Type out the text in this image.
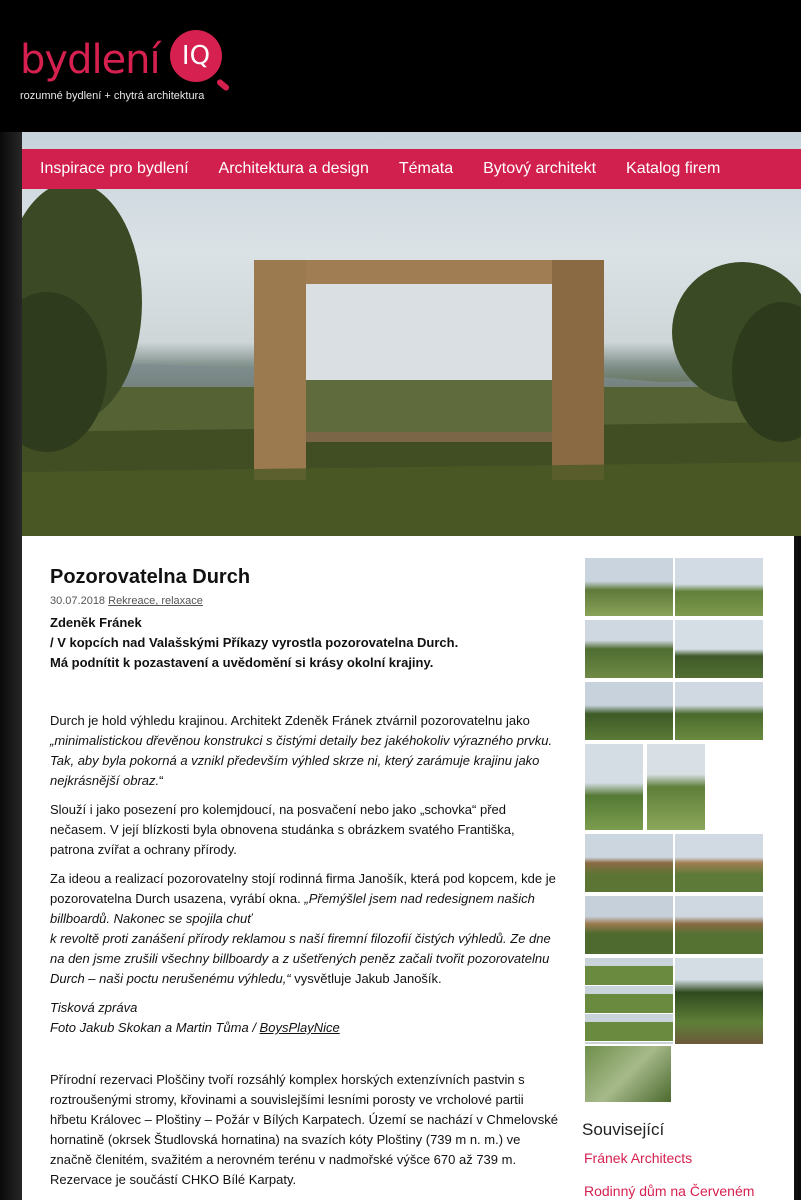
bydlení IQ
rozumné bydlení + chytrá architektura
Inspirace pro bydlení Architektura a design Témata Bytový architekt Katalog firem
Pozorovatelna Durch
30.07.2018 Rekreace, relaxace
Zdeněk Fránek
/ V kopcích nad Valašskými Příkazy vyrostla pozorovatelna Durch.
Má podnítit k pozastavení a uvědomění si krásy okolní krajiny.

Durch je hold výhledu krajinou. Architekt Zdeněk Fránek ztvárnil pozorovatelnu jako „minimalistickou dřevěnou konstrukci s čistými detaily bez jakéhokoliv výrazného prvku. Tak, aby byla pokorná a vznikl především výhled skrze ni, který zarámuje krajinu jako nejkrásnější obraz.“

Slouží i jako posezení pro kolemjdoucí, na posvačení nebo jako „schovka“ před nečasem. V její blízkosti byla obnovena studánka s obrázkem svatého Františka, patrona zvířat a ochrany přírody.

Za ideou a realizací pozorovatelny stojí rodinná firma Janošík, která pod kopcem, kde je pozorovatelna Durch usazena, vyrábí okna. „Přemýšlel jsem nad redesignem našich billboardů. Nakonec se spojila chuť
k revoltě proti zanášení přírody reklamou s naší firemní filozofií čistých výhledů. Ze dne na den jsme zrušili všechny billboardy a z ušetřených peněz začali tvořit pozorovatelnu Durch – naši poctu nerušenému výhledu,“ vysvětluje Jakub Janošík.

Tisková zpráva
Foto Jakub Skokan a Martin Tůma / BoysPlayNice

Přírodní rezervaci Ploščiny tvoří rozsáhlý komplex horských extenzívních pastvin s roztroušenými stromy, křovinami a souvislejšími lesními porosty ve vrcholové partii hřbetu Královec – Ploštiny – Požár v Bílých Karpatech. Území se nachází v Chmelovské hornatině (okrsek Študlovská hornatina) na svazích kóty Ploštiny (739 m n. m.) ve značně členitém, svažitém a nerovném terénu v nadmořské výšce 670 až 739 m. Rezervace je součástí CHKO Bílé Karpaty.

Související
Fránek Architects
Rodinný dům na Červeném
